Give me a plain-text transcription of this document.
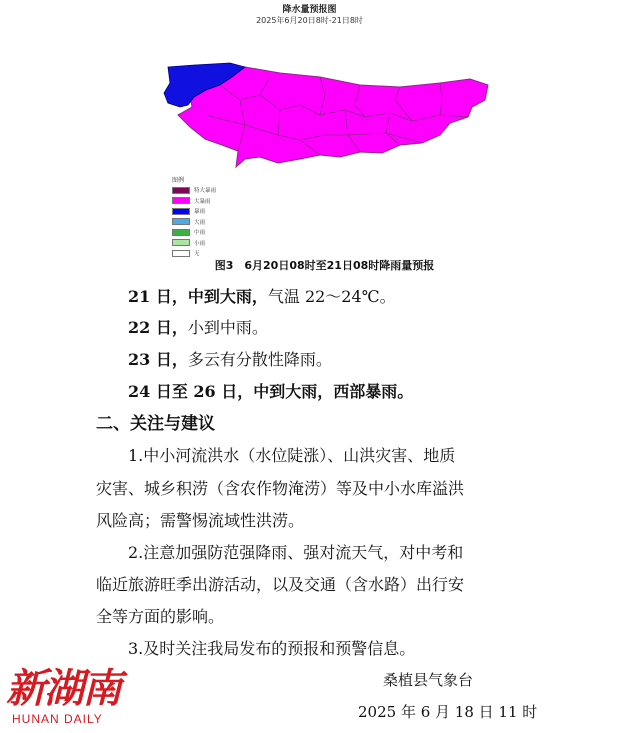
降水量预报图
2025年6月20日8时-21日8时
·
图例
特大暴雨
大暴雨
暴雨
大雨
中雨
小雨
无
图3　6月20日08时至21日08时降雨量预报
21 日，中到大雨，气温 22～24℃。
22 日，小到中雨。
23 日，多云有分散性降雨。
24 日至 26 日，中到大雨，西部暴雨。
二、关注与建议
1.中小河流洪水（水位陡涨）、山洪灾害、地质
灾害、城乡积涝（含农作物淹涝）等及中小水库溢洪
风险高；需警惕流域性洪涝。
2.注意加强防范强降雨、强对流天气，对中考和
临近旅游旺季出游活动，以及交通（含水路）出行安
全等方面的影响。
3.及时关注我局发布的预报和预警信息。
桑植县气象台
2025 年 6 月 18 日 11 时
新湖南
HUNAN DAILY
